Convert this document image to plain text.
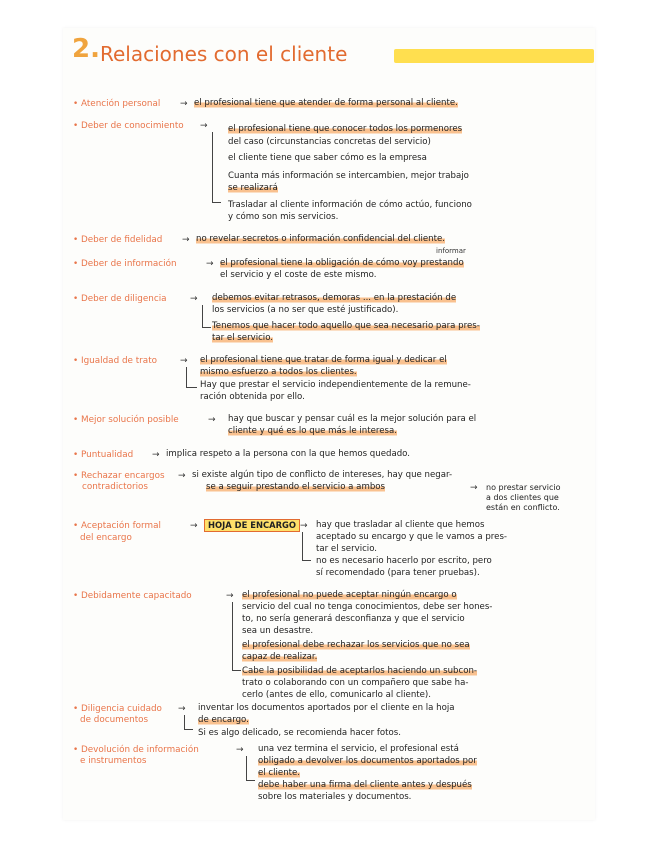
2. Relaciones con el cliente
• Atención personal → el profesional tiene que atender de forma personal al cliente.
• Deber de conocimiento → el profesional tiene que conocer todos los pormenores
del caso (circunstancias concretas del servicio)
el cliente tiene que saber cómo es la empresa
Cuanta más información se intercambien, mejor trabajo
se realizará
Trasladar al cliente información de cómo actúo, funciono
y cómo son mis servicios.
• Deber de fidelidad → no revelar secretos o información confidencial del cliente.
informar
• Deber de información	→ el profesional tiene la obligación de cómo voy prestando
el servicio y el coste de este mismo.
• Deber de diligencia	→ debemos evitar retrasos, demoras ... en la prestación de
los servicios (a no ser que esté justificado).
Tenemos que hacer todo aquello que sea necesario para pres-
tar el servicio.
• Igualdad de trato	→ el profesional tiene que tratar de forma igual y dedicar el
mismo esfuerzo a todos los clientes.
Hay que prestar el servicio independientemente de la remune-
ración obtenida por ello.
• Mejor solución posible	→ hay que buscar y pensar cuál es la mejor solución para el
cliente y qué es lo que más le interesa.
• Puntualidad → implica respeto a la persona con la que hemos quedado.
• Rechazar encargos
contradictorios
→ si existe algún tipo de conflicto de intereses, hay que negar-
se a seguir prestando el servicio a ambos	→ no prestar servicio
a dos clientes que
están en conflicto.
• Aceptación formal
del encargo
→	HOJA DE ENCARGO → hay que trasladar al cliente que hemos
aceptado su encargo y que le vamos a pres-
tar el servicio.
no es necesario hacerlo por escrito, pero
sí recomendado (para tener pruebas).
• Debidamente capacitado	→ el profesional no puede aceptar ningún encargo o
servicio del cual no tenga conocimientos, debe ser hones-
to, no sería generará desconfianza y que el servicio
sea un desastre.
el profesional debe rechazar los servicios que no sea
capaz de realizar.
Cabe la posibilidad de aceptarlos haciendo un subcon-
trato o colaborando con un compañero que sabe ha-
cerlo (antes de ello, comunicarlo al cliente).
• Diligencia cuidado
de documentos
→ inventar los documentos aportados por el cliente en la hoja
de encargo.
Si es algo delicado, se recomienda hacer fotos.
• Devolución de información
e instrumentos
→ una vez termina el servicio, el profesional está
obligado a devolver los documentos aportados por
el cliente.
debe haber una firma del cliente antes y después
sobre los materiales y documentos.
